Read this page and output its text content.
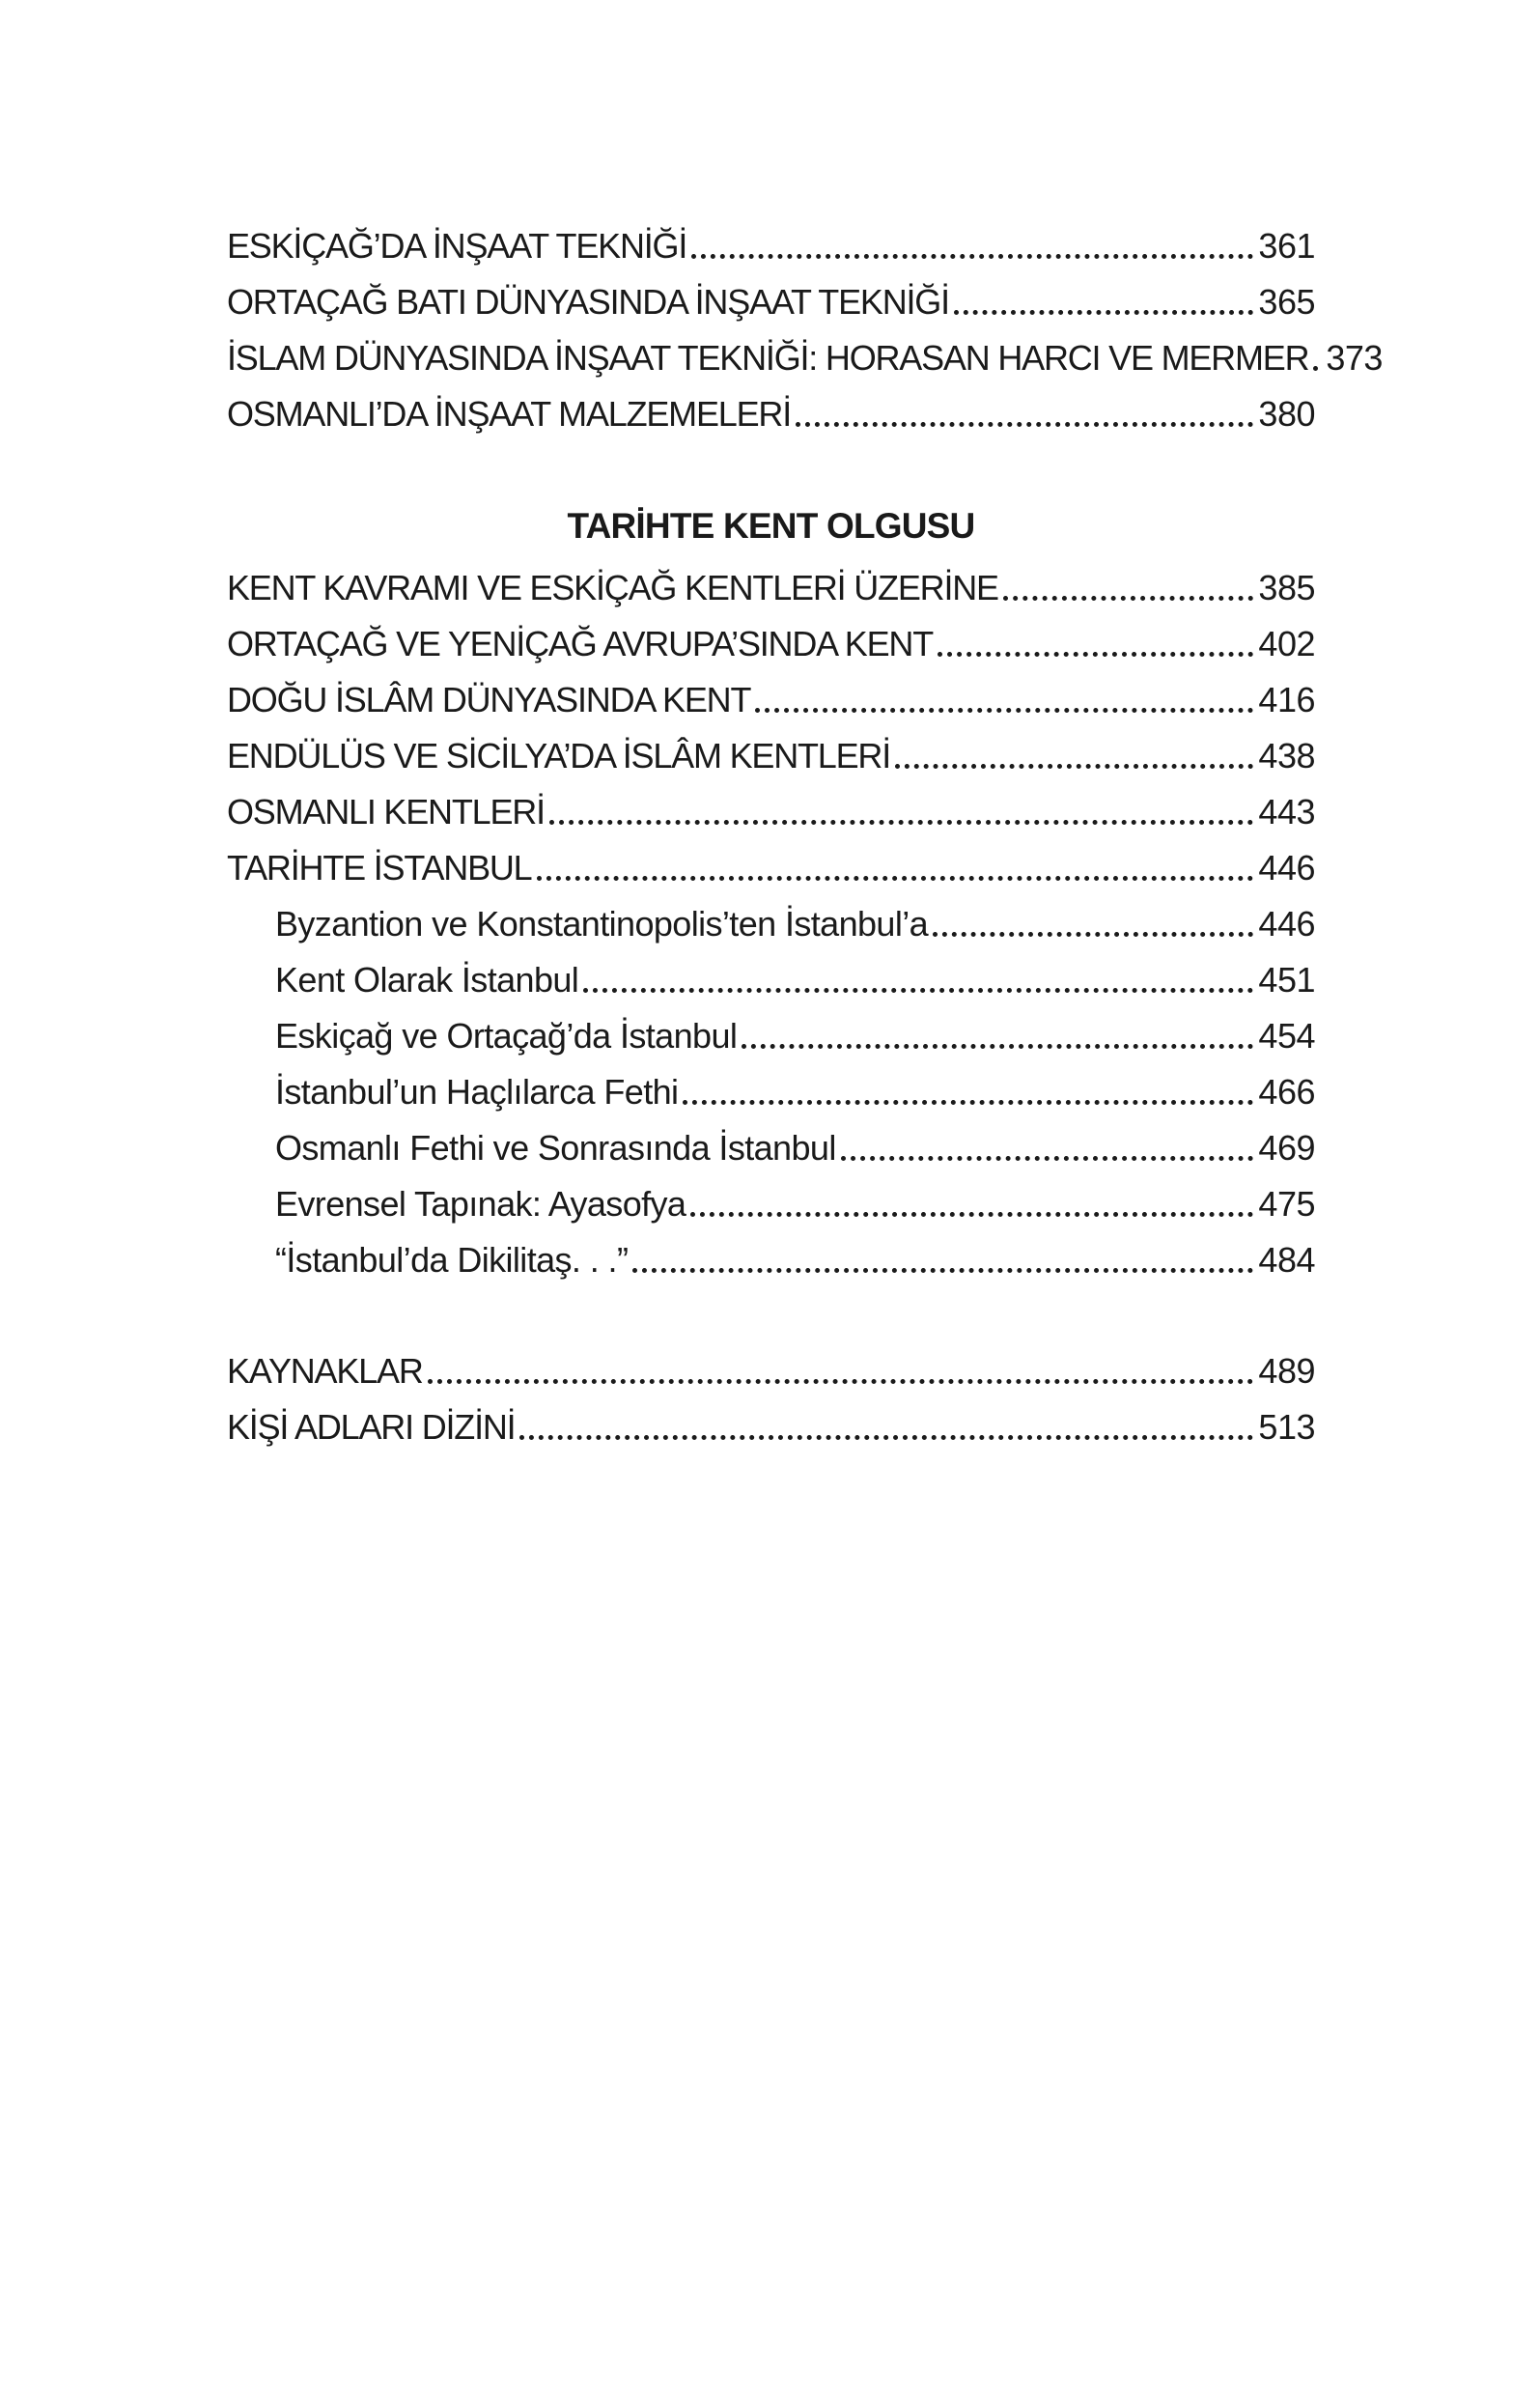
ESKİÇAĞ’DA İNŞAAT TEKNİĞİ	361
ORTAÇAĞ BATI DÜNYASINDA İNŞAAT TEKNİĞİ	365
İSLAM DÜNYASINDA İNŞAAT TEKNİĞİ: HORASAN HARCI VE MERMER 373
OSMANLI’DA İNŞAAT MALZEMELERİ	380
TARİHTE KENT OLGUSU
KENT KAVRAMI VE ESKİÇAĞ KENTLERİ ÜZERİNE	385
ORTAÇAĞ VE YENİÇAĞ AVRUPA’SINDA KENT	402
DOĞU İSLÂM DÜNYASINDA KENT	416
ENDÜLÜS VE SİCİLYA’DA İSLÂM KENTLERİ	438
OSMANLI KENTLERİ	443
TARİHTE İSTANBUL	446
Byzantion ve Konstantinopolis’ten İstanbul’a	446
Kent Olarak İstanbul	451
Eskiçağ ve Ortaçağ’da İstanbul	454
İstanbul’un Haçlılarca Fethi	466
Osmanlı Fethi ve Sonrasında İstanbul	469
Evrensel Tapınak: Ayasofya	475
“İstanbul’da Dikilitaş. . .”	484
KAYNAKLAR	489
KİŞİ ADLARI DİZİNİ	513
